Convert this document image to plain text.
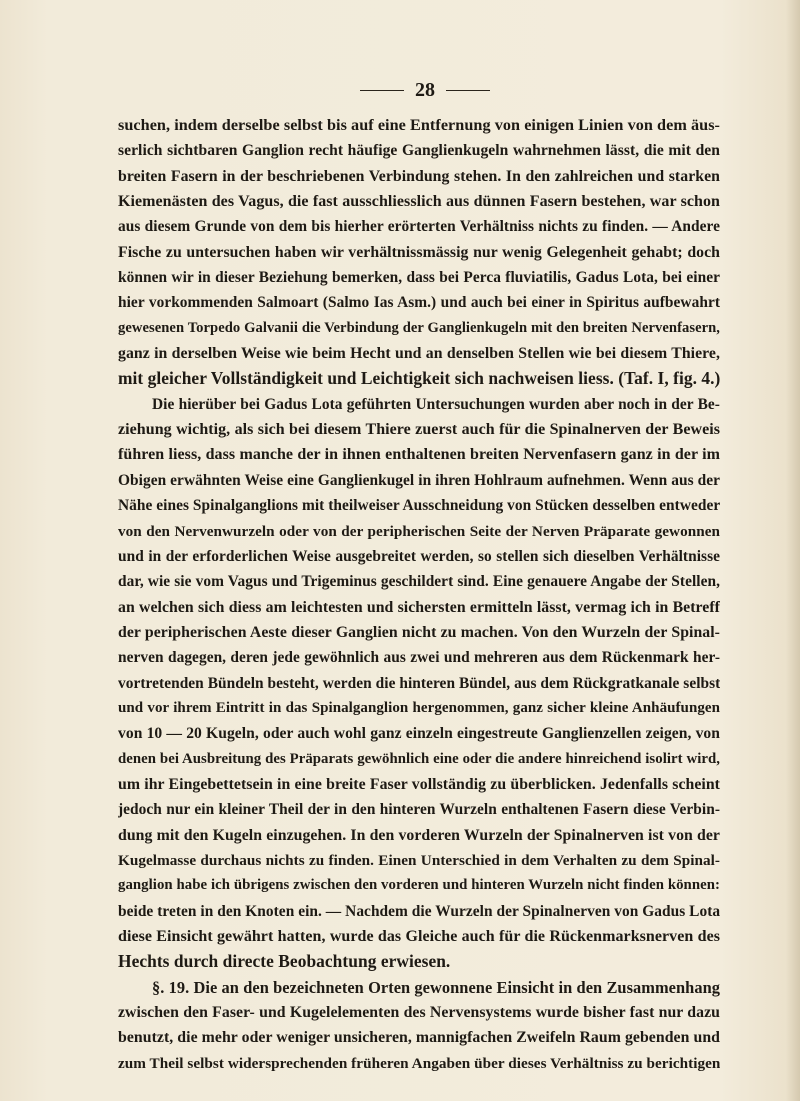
28
suchen, indem derselbe selbst bis auf eine Entfernung von einigen Linien von dem äus-
serlich sichtbaren Ganglion recht häufige Ganglienkugeln wahrnehmen lässt, die mit den
breiten Fasern in der beschriebenen Verbindung stehen. In den zahlreichen und starken
Kiemenästen des Vagus, die fast ausschliesslich aus dünnen Fasern bestehen, war schon
aus diesem Grunde von dem bis hierher erörterten Verhältniss nichts zu finden. — Andere
Fische zu untersuchen haben wir verhältnissmässig nur wenig Gelegenheit gehabt; doch
können wir in dieser Beziehung bemerken, dass bei Perca fluviatilis, Gadus Lota, bei einer
hier vorkommenden Salmoart (Salmo Ias Asm.) und auch bei einer in Spiritus aufbewahrt
gewesenen Torpedo Galvanii die Verbindung der Ganglienkugeln mit den breiten Nervenfasern,
ganz in derselben Weise wie beim Hecht und an denselben Stellen wie bei diesem Thiere,
mit gleicher Vollständigkeit und Leichtigkeit sich nachweisen liess. (Taf. I, fig. 4.)
Die hierüber bei Gadus Lota geführten Untersuchungen wurden aber noch in der Be-
ziehung wichtig, als sich bei diesem Thiere zuerst auch für die Spinalnerven der Beweis
führen liess, dass manche der in ihnen enthaltenen breiten Nervenfasern ganz in der im
Obigen erwähnten Weise eine Ganglienkugel in ihren Hohlraum aufnehmen. Wenn aus der
Nähe eines Spinalganglions mit theilweiser Ausschneidung von Stücken desselben entweder
von den Nervenwurzeln oder von der peripherischen Seite der Nerven Präparate gewonnen
und in der erforderlichen Weise ausgebreitet werden, so stellen sich dieselben Verhältnisse
dar, wie sie vom Vagus und Trigeminus geschildert sind. Eine genauere Angabe der Stellen,
an welchen sich diess am leichtesten und sichersten ermitteln lässt, vermag ich in Betreff
der peripherischen Aeste dieser Ganglien nicht zu machen. Von den Wurzeln der Spinal-
nerven dagegen, deren jede gewöhnlich aus zwei und mehreren aus dem Rückenmark her-
vortretenden Bündeln besteht, werden die hinteren Bündel, aus dem Rückgratkanale selbst
und vor ihrem Eintritt in das Spinalganglion hergenommen, ganz sicher kleine Anhäufungen
von 10 — 20 Kugeln, oder auch wohl ganz einzeln eingestreute Ganglienzellen zeigen, von
denen bei Ausbreitung des Präparats gewöhnlich eine oder die andere hinreichend isolirt wird,
um ihr Eingebettetsein in eine breite Faser vollständig zu überblicken. Jedenfalls scheint
jedoch nur ein kleiner Theil der in den hinteren Wurzeln enthaltenen Fasern diese Verbin-
dung mit den Kugeln einzugehen. In den vorderen Wurzeln der Spinalnerven ist von der
Kugelmasse durchaus nichts zu finden. Einen Unterschied in dem Verhalten zu dem Spinal-
ganglion habe ich übrigens zwischen den vorderen und hinteren Wurzeln nicht finden können:
beide treten in den Knoten ein. — Nachdem die Wurzeln der Spinalnerven von Gadus Lota
diese Einsicht gewährt hatten, wurde das Gleiche auch für die Rückenmarksnerven des
Hechts durch directe Beobachtung erwiesen.
§. 19. Die an den bezeichneten Orten gewonnene Einsicht in den Zusammenhang
zwischen den Faser- und Kugelelementen des Nervensystems wurde bisher fast nur dazu
benutzt, die mehr oder weniger unsicheren, mannigfachen Zweifeln Raum gebenden und
zum Theil selbst widersprechenden früheren Angaben über dieses Verhältniss zu berichtigen
